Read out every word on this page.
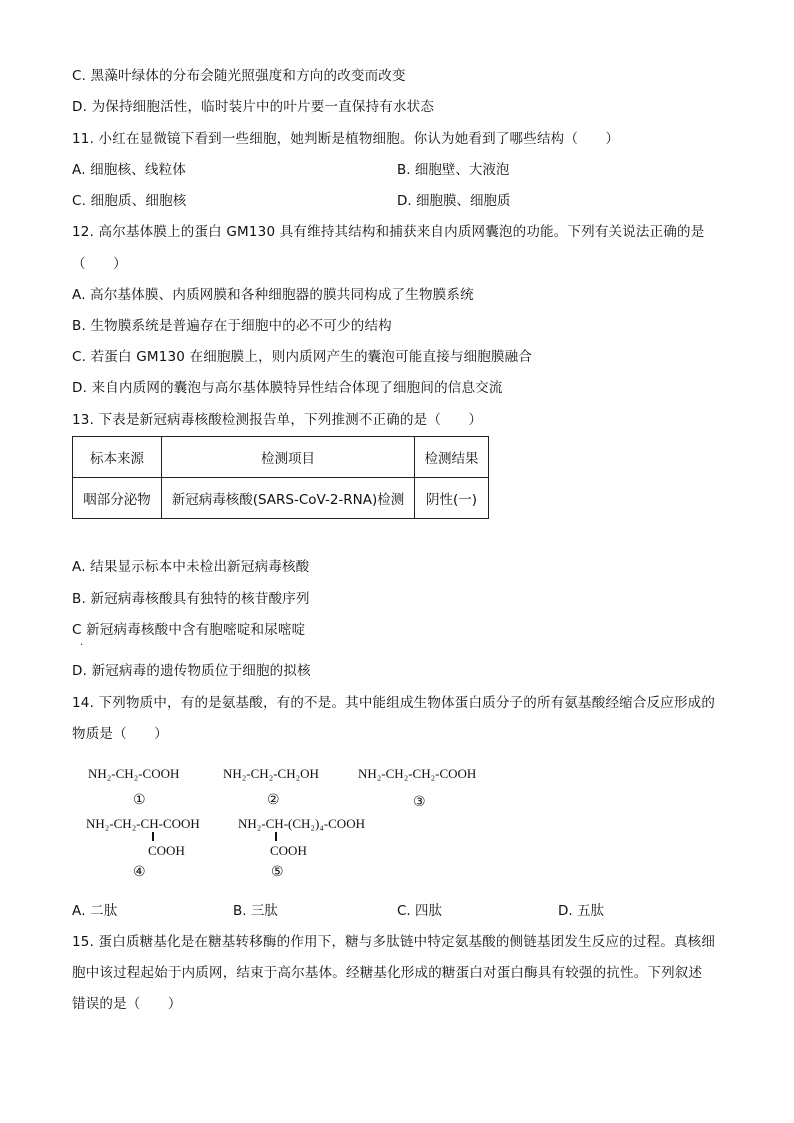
C. 黑藻叶绿体的分布会随光照强度和方向的改变而改变
D. 为保持细胞活性，临时装片中的叶片要一直保持有水状态
11. 小红在显微镜下看到一些细胞，她判断是植物细胞。你认为她看到了哪些结构（　　）
A. 细胞核、线粒体	B. 细胞壁、大液泡
C. 细胞质、细胞核	D. 细胞膜、细胞质
12. 高尔基体膜上的蛋白 GM130 具有维持其结构和捕获来自内质网囊泡的功能。下列有关说法正确的是
（　　）
A. 高尔基体膜、内质网膜和各种细胞器的膜共同构成了生物膜系统
B. 生物膜系统是普遍存在于细胞中的必不可少的结构
C. 若蛋白 GM130 在细胞膜上，则内质网产生的囊泡可能直接与细胞膜融合
D. 来自内质网的囊泡与高尔基体膜特异性结合体现了细胞间的信息交流
13. 下表是新冠病毒核酸检测报告单，下列推测不正确的是（　　）
标本来源	检测项目	检测结果
咽部分泌物	新冠病毒核酸(SARS-CoV-2-RNA)检测	阴性(一)
A. 结果显示标本中未检出新冠病毒核酸
B. 新冠病毒核酸具有独特的核苷酸序列
C 新冠病毒核酸中含有胞嘧啶和尿嘧啶
·
D. 新冠病毒的遗传物质位于细胞的拟核
14. 下列物质中，有的是氨基酸，有的不是。其中能组成生物体蛋白质分子的所有氨基酸经缩合反应形成的
物质是（　　）
NH₂-CH₂-COOH	NH₂-CH₂-CH₂OH	NH₂-CH₂-CH₂-COOH
①	②	③
NH₂-CH₂-CH-COOH
COOH
NH₂-CH-(CH₂)₄-COOH
COOH
④	⑤
A. 二肽	B. 三肽	C. 四肽	D. 五肽
15. 蛋白质糖基化是在糖基转移酶的作用下，糖与多肽链中特定氨基酸的侧链基团发生反应的过程。真核细
胞中该过程起始于内质网，结束于高尔基体。经糖基化形成的糖蛋白对蛋白酶具有较强的抗性。下列叙述
错误的是（　　）
